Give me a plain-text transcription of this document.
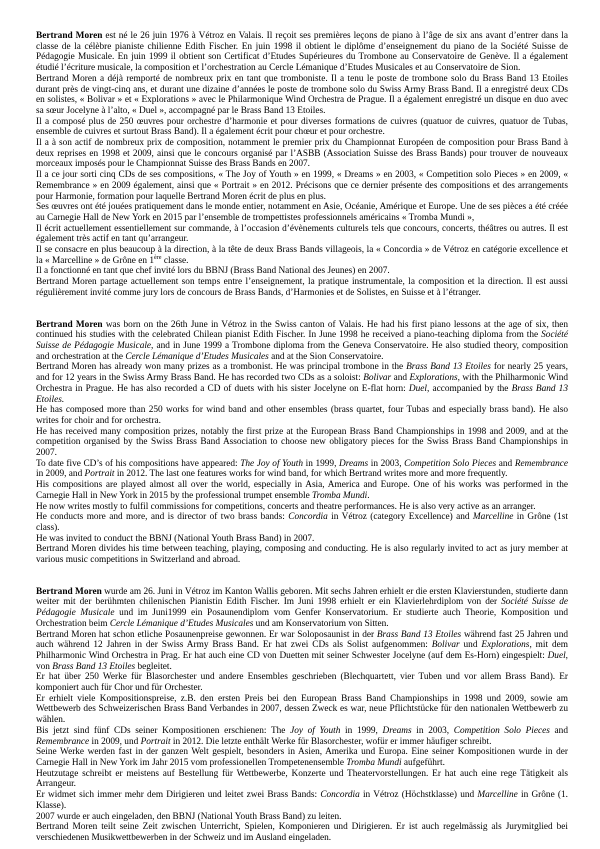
Bertrand Moren est né le 26 juin 1976 à Vétroz en Valais. Il reçoit ses premières leçons de piano à l’âge de six ans avant d’entrer dans la classe de la célèbre pianiste chilienne Edith Fischer. En juin 1998 il obtient le diplôme d’enseignement du piano de la Société Suisse de Pédagogie Musicale. En juin 1999 il obtient son Certificat d’Etudes Supérieures du Trombone au Conservatoire de Genève. Il a également étudié l’écriture musicale, la composition et l’orchestration au Cercle Lémanique d’Etudes Musicales et au Conservatoire de Sion.

Bertrand Moren a déjà remporté de nombreux prix en tant que tromboniste. Il a tenu le poste de trombone solo du Brass Band 13 Etoiles durant près de vingt-cinq ans, et durant une dizaine d’années le poste de trombone solo du Swiss Army Brass Band. Il a enregistré deux CDs en solistes, « Bolivar » et « Explorations » avec le Philarmonique Wind Orchestra de Prague. Il a également enregistré un disque en duo avec sa sœur Jocelyne à l’alto, « Duel », accompagné par le Brass Band 13 Etoiles.

Il a composé plus de 250 œuvres pour orchestre d’harmonie et pour diverses formations de cuivres (quatuor de cuivres, quatuor de Tubas, ensemble de cuivres et surtout Brass Band). Il a également écrit pour chœur et pour orchestre.

Il a à son actif de nombreux prix de composition, notamment le premier prix du Championnat Européen de composition pour Brass Band à deux reprises en 1998 et 2009, ainsi que le concours organisé par l’ASBB (Association Suisse des Brass Bands) pour trouver de nouveaux morceaux imposés pour le Championnat Suisse des Brass Bands en 2007.

Il a ce jour sorti cinq CDs de ses compositions, « The Joy of Youth » en 1999, « Dreams » en 2003, « Competition solo Pieces » en 2009, « Remembrance » en 2009 également, ainsi que « Portrait » en 2012. Précisons que ce dernier présente des compositions et des arrangements pour Harmonie, formation pour laquelle Bertrand Moren écrit de plus en plus.

Ses œuvres ont été jouées pratiquement dans le monde entier, notamment en Asie, Océanie, Amérique et Europe. Une de ses pièces a été créée au Carnegie Hall de New York en 2015 par l’ensemble de trompettistes professionnels américains « Tromba Mundi »,

Il écrit actuellement essentiellement sur commande, à l’occasion d’évènements culturels tels que concours, concerts, théâtres ou autres. Il est également très actif en tant qu’arrangeur.

Il se consacre en plus beaucoup à la direction, à la tête de deux Brass Bands villageois, la « Concordia » de Vétroz en catégorie excellence et la « Marcelline » de Grône en 1ère classe.

Il a fonctionné en tant que chef invité lors du BBNJ (Brass Band National des Jeunes) en 2007.

Bertrand Moren partage actuellement son temps entre l’enseignement, la pratique instrumentale, la composition et la direction. Il est aussi régulièrement invité comme jury lors de concours de Brass Bands, d’Harmonies et de Solistes, en Suisse et à l’étranger.

Bertrand Moren was born on the 26th June in Vétroz in the Swiss canton of Valais. He had his first piano lessons at the age of six, then continued his studies with the celebrated Chilean pianist Edith Fischer. In June 1998 he received a piano-teaching diploma from the Société Suisse de Pédagogie Musicale, and in June 1999 a Trombone diploma from the Geneva Conservatoire. He also studied theory, composition and orchestration at the Cercle Lémanique d’Etudes Musicales and at the Sion Conservatoire.

Bertrand Moren has already won many prizes as a trombonist. He was principal trombone in the Brass Band 13 Etoiles for nearly 25 years, and for 12 years in the Swiss Army Brass Band. He has recorded two CDs as a soloist: Bolivar and Explorations, with the Philharmonic Wind Orchestra in Prague. He has also recorded a CD of duets with his sister Jocelyne on E-flat horn: Duel, accompanied by the Brass Band 13 Etoiles.

He has composed more than 250 works for wind band and other ensembles (brass quartet, four Tubas and especially brass band). He also writes for choir and for orchestra.

He has received many composition prizes, notably the first prize at the European Brass Band Championships in 1998 and 2009, and at the competition organised by the Swiss Brass Band Association to choose new obligatory pieces for the Swiss Brass Band Championships in 2007.

To date five CD’s of his compositions have appeared: The Joy of Youth in 1999, Dreams in 2003, Competition Solo Pieces and Remembrance in 2009, and Portrait in 2012. The last one features works for wind band, for which Bertrand writes more and more frequently.

His compositions are played almost all over the world, especially in Asia, America and Europe. One of his works was performed in the Carnegie Hall in New York in 2015 by the professional trumpet ensemble Tromba Mundi.

He now writes mostly to fulfil commissions for competitions, concerts and theatre performances. He is also very active as an arranger.

He conducts more and more, and is director of two brass bands: Concordia in Vétroz (category Excellence) and Marcelline in Grône (1st class).

He was invited to conduct the BBNJ (National Youth Brass Band) in 2007.

Bertrand Moren divides his time between teaching, playing, composing and conducting. He is also regularly invited to act as jury member at various music competitions in Switzerland and abroad.

Bertrand Moren wurde am 26. Juni in Vétroz im Kanton Wallis geboren. Mit sechs Jahren erhielt er die ersten Klavierstunden, studierte dann weiter mit der berühmten chilenischen Pianistin Edith Fischer. Im Juni 1998 erhielt er ein Klavierlehrdiplom von der Société Suisse de Pédagogie Musicale und im Juni1999 ein Posaunendiplom vom Genfer Konservatorium. Er studierte auch Theorie, Komposition und Orchestration beim Cercle Lémanique d’Etudes Musicales und am Konservatorium von Sitten.

Bertrand Moren hat schon etliche Posaunenpreise gewonnen. Er war Soloposaunist in der Brass Band 13 Etoiles während fast 25 Jahren und auch während 12 Jahren in der Swiss Army Brass Band. Er hat zwei CDs als Solist aufgenommen: Bolivar und Explorations, mit dem Philharmonic Wind Orchestra in Prag. Er hat auch eine CD von Duetten mit seiner Schwester Jocelyne (auf dem Es-Horn) eingespielt: Duel, von Brass Band 13 Etoiles begleitet.

Er hat über 250 Werke für Blasorchester und andere Ensembles geschrieben (Blechquartett, vier Tuben und vor allem Brass Band). Er komponiert auch für Chor und für Orchester.

Er erhielt viele Kompositionspreise, z.B. den ersten Preis bei den European Brass Band Championships in 1998 und 2009, sowie am Wettbewerb des Schweizerischen Brass Band Verbandes in 2007, dessen Zweck es war, neue Pflichtstücke für den nationalen Wettbewerb zu wählen.

Bis jetzt sind fünf CDs seiner Kompositionen erschienen: The Joy of Youth in 1999, Dreams in 2003, Competition Solo Pieces and Remembrance in 2009, und Portrait in 2012. Die letzte enthält Werke für Blasorchester, wofür er immer häufiger schreibt.

Seine Werke werden fast in der ganzen Welt gespielt, besonders in Asien, Amerika und Europa. Eine seiner Kompositionen wurde in der Carnegie Hall in New York im Jahr 2015 vom professionellen Trompetenensemble Tromba Mundi aufgeführt.

Heutzutage schreibt er meistens auf Bestellung für Wettbewerbe, Konzerte und Theatervorstellungen. Er hat auch eine rege Tätigkeit als Arrangeur.

Er widmet sich immer mehr dem Dirigieren und leitet zwei Brass Bands: Concordia in Vétroz (Höchstklasse) und Marcelline in Grône (1. Klasse).

2007 wurde er auch eingeladen, den BBNJ (National Youth Brass Band) zu leiten.

Bertrand Moren teilt seine Zeit zwischen Unterricht, Spielen, Komponieren und Dirigieren. Er ist auch regelmässig als Jurymitglied bei verschiedenen Musikwettbewerben in der Schweiz und im Ausland eingeladen.
